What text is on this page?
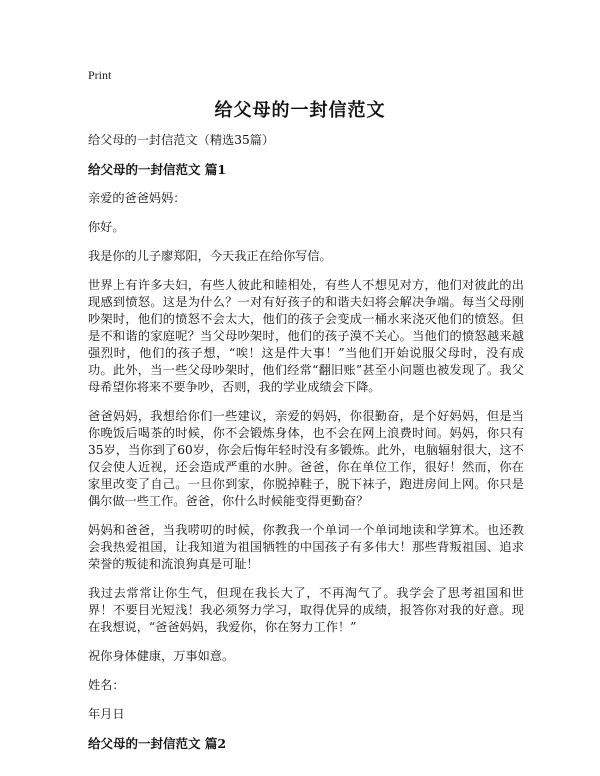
Print
给父母的一封信范文

给父母的一封信范文（精选35篇）

给父母的一封信范文 篇1

亲爱的爸爸妈妈：

你好。

我是你的儿子廖郑阳，今天我正在给你写信。

世界上有许多夫妇，有些人彼此和睦相处，有些人不想见对方，他们对彼此的出现感到愤怒。这是为什么？一对有好孩子的和谐夫妇将会解决争端。每当父母刚吵架时，他们的愤怒不会太大，他们的孩子会变成一桶水来浇灭他们的愤怒。但是不和谐的家庭呢？当父母吵架时，他们的孩子漠不关心。当他们的愤怒越来越强烈时，他们的孩子想，“唉！这是件大事！”当他们开始说服父母时，没有成功。此外，当一些父母吵架时，他们经常“翻旧账”甚至小问题也被发现了。我父母希望你将来不要争吵，否则，我的学业成绩会下降。

爸爸妈妈，我想给你们一些建议，亲爱的妈妈，你很勤奋，是个好妈妈，但是当你晚饭后喝茶的时候，你不会锻炼身体，也不会在网上浪费时间。妈妈，你只有35岁，当你到了60岁，你会后悔年轻时没有多锻炼。此外，电脑辐射很大，这不仅会使人近视，还会造成严重的水肿。爸爸，你在单位工作，很好！然而，你在家里改变了自己。一旦你到家，你脱掉鞋子，脱下袜子，跑进房间上网。你只是偶尔做一些工作。爸爸，你什么时候能变得更勤奋？

妈妈和爸爸，当我唠叨的时候，你教我一个单词一个单词地读和学算术。也还教会我热爱祖国，让我知道为祖国牺牲的中国孩子有多伟大！那些背叛祖国、追求荣誉的叛徒和流浪狗真是可耻！

我过去常常让你生气，但现在我长大了，不再淘气了。我学会了思考祖国和世界！不要目光短浅！我必须努力学习，取得优异的成绩，报答你对我的好意。现在我想说，“爸爸妈妈，我爱你，你在努力工作！”

祝你身体健康，万事如意。

姓名：

年月日

给父母的一封信范文 篇2
